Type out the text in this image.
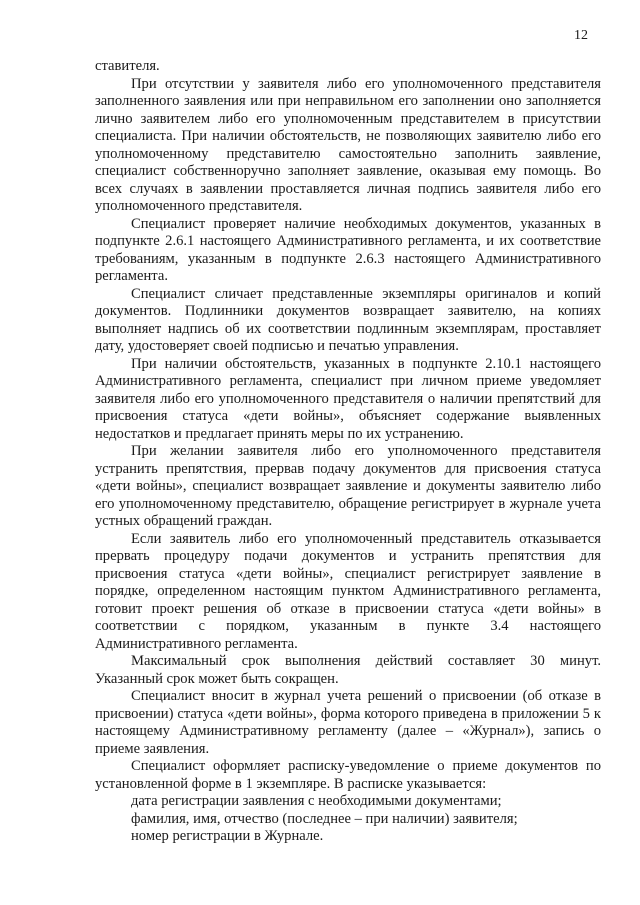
12

ставителя.

При отсутствии у заявителя либо его уполномоченного представителя заполненного заявления или при неправильном его заполнении оно заполняется лично заявителем либо его уполномоченным представителем в присутствии специалиста. При наличии обстоятельств, не позволяющих заявителю либо его уполномоченному представителю самостоятельно заполнить заявление, специалист собственноручно заполняет заявление, оказывая ему помощь. Во всех случаях в заявлении проставляется личная подпись заявителя либо его уполномоченного представителя.

Специалист проверяет наличие необходимых документов, указанных в подпункте 2.6.1 настоящего Административного регламента, и их соответствие требованиям, указанным в подпункте 2.6.3 настоящего Административного регламента.

Специалист сличает представленные экземпляры оригиналов и копий документов. Подлинники документов возвращает заявителю, на копиях выполняет надпись об их соответствии подлинным экземплярам, проставляет дату, удостоверяет своей подписью и печатью управления.

При наличии обстоятельств, указанных в подпункте 2.10.1 настоящего Административного регламента, специалист при личном приеме уведомляет заявителя либо его уполномоченного представителя о наличии препятствий для присвоения статуса «дети войны», объясняет содержание выявленных недостатков и предлагает принять меры по их устранению.

При желании заявителя либо его уполномоченного представителя устранить препятствия, прервав подачу документов для присвоения статуса «дети войны», специалист возвращает заявление и документы заявителю либо его уполномоченному представителю, обращение регистрирует в журнале учета устных обращений граждан.

Если заявитель либо его уполномоченный представитель отказывается прервать процедуру подачи документов и устранить препятствия для присвоения статуса «дети войны», специалист регистрирует заявление в порядке, определенном настоящим пунктом Административного регламента, готовит проект решения об отказе в присвоении статуса «дети войны» в соответствии с порядком, указанным в пункте 3.4 настоящего Административного регламента.

Максимальный срок выполнения действий составляет 30 минут. Указанный срок может быть сокращен.

Специалист вносит в журнал учета решений о присвоении (об отказе в присвоении) статуса «дети войны», форма которого приведена в приложении 5 к настоящему Административному регламенту (далее – «Журнал»), запись о приеме заявления.

Специалист оформляет расписку-уведомление о приеме документов по установленной форме в 1 экземпляре. В расписке указывается:

дата регистрации заявления с необходимыми документами;
фамилия, имя, отчество (последнее – при наличии) заявителя;
номер регистрации в Журнале.
